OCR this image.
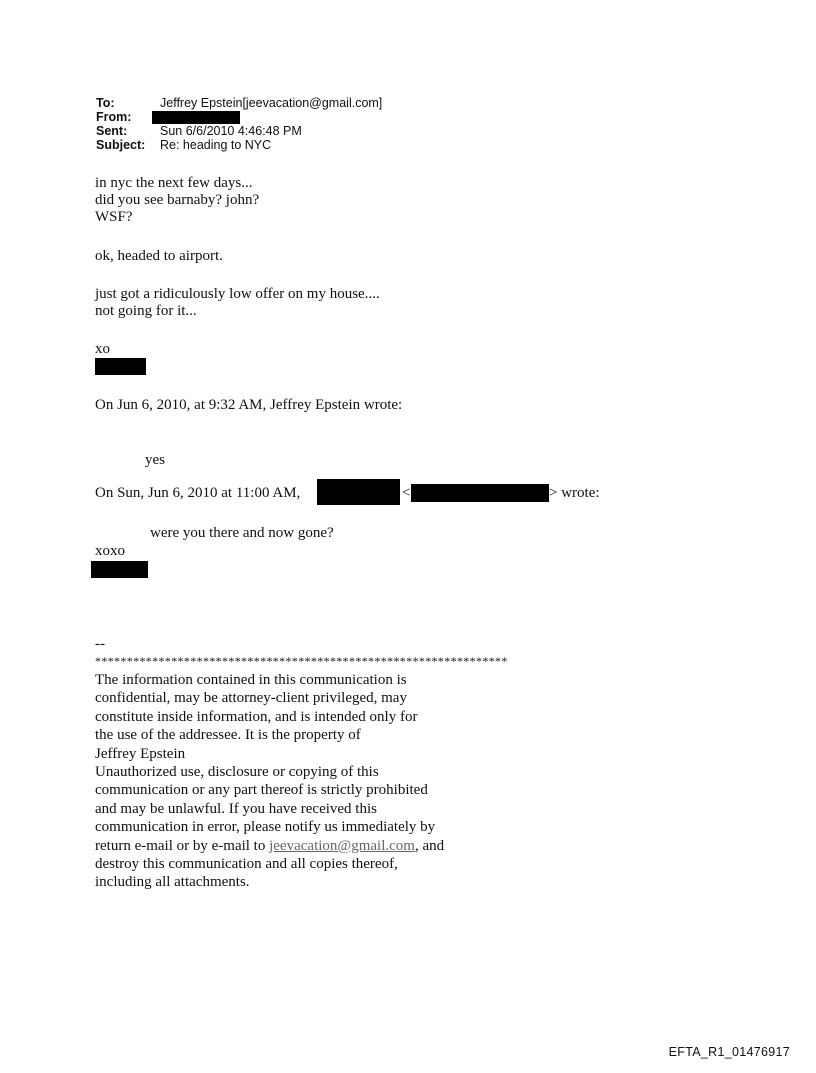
To:	Jeffrey Epstein[jeevacation@gmail.com]
From:
Sent:	Sun 6/6/2010 4:46:48 PM
Subject:	Re: heading to NYC
in nyc the next few days...
did you see barnaby? john?
WSF?
ok, headed to airport.
just got a ridiculously low offer on my house....
not going for it...
xo
On Jun 6, 2010, at 9:32 AM, Jeffrey Epstein wrote:
yes
On Sun, Jun 6, 2010 at 11:00 AM,	<	> wrote:
were you there and now gone?
xoxo
--
*****************************************************************
The information contained in this communication is
confidential, may be attorney-client privileged, may
constitute inside information, and is intended only for
the use of the addressee. It is the property of
Jeffrey Epstein
Unauthorized use, disclosure or copying of this
communication or any part thereof is strictly prohibited
and may be unlawful. If you have received this
communication in error, please notify us immediately by
return e-mail or by e-mail to jeevacation@gmail.com, and
destroy this communication and all copies thereof,
including all attachments.
EFTA_R1_01476917
